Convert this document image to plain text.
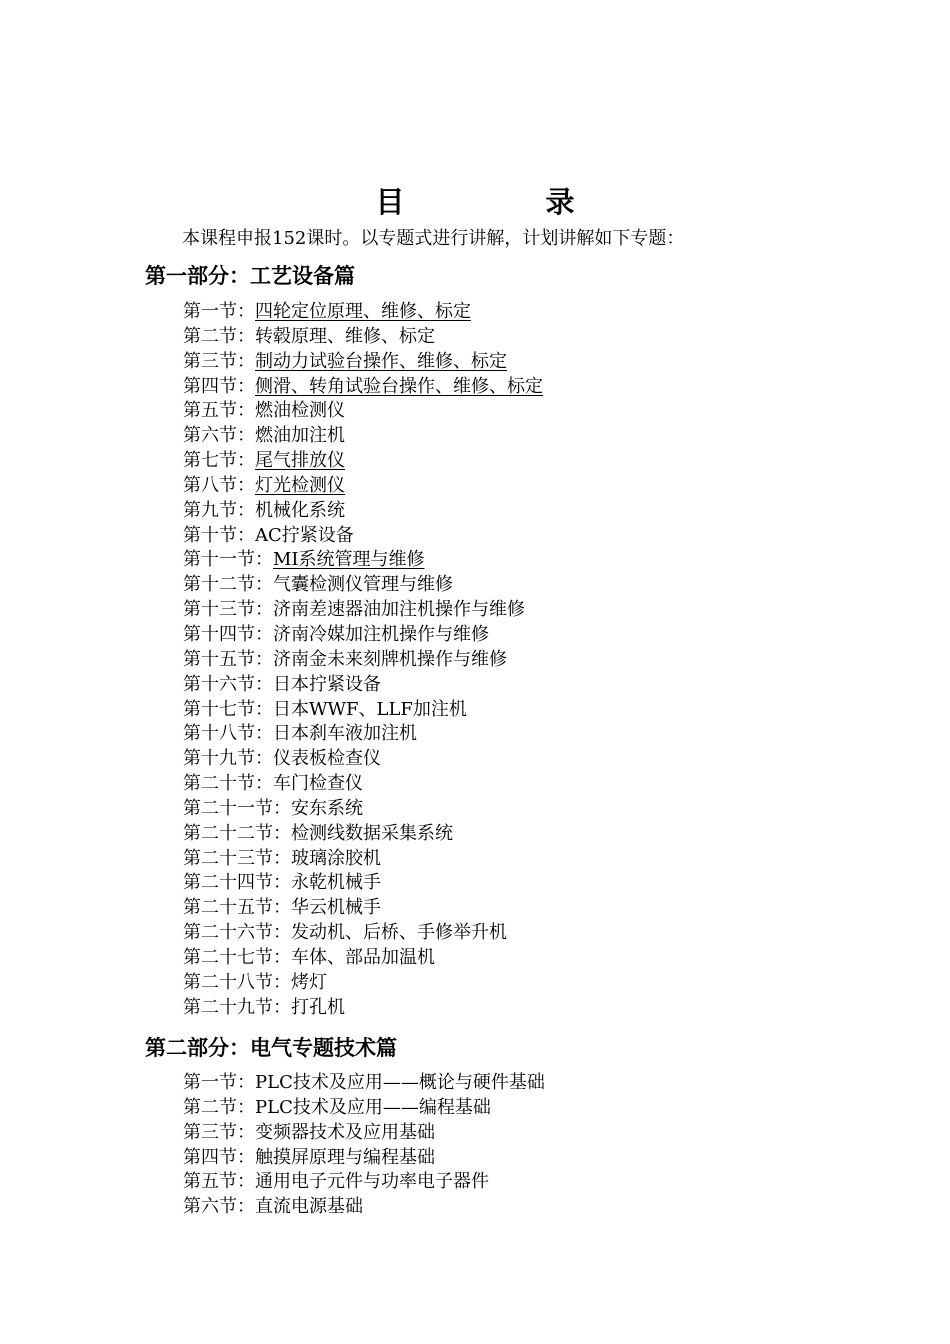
目　录
本课程申报152课时。以专题式进行讲解，计划讲解如下专题：
第一部分：工艺设备篇
第一节：四轮定位原理、维修、标定
第二节：转毂原理、维修、标定
第三节：制动力试验台操作、维修、标定
第四节：侧滑、转角试验台操作、维修、标定
第五节：燃油检测仪
第六节：燃油加注机
第七节：尾气排放仪
第八节：灯光检测仪
第九节：机械化系统
第十节：AC拧紧设备
第十一节：MI系统管理与维修
第十二节：气囊检测仪管理与维修
第十三节：济南差速器油加注机操作与维修
第十四节：济南冷媒加注机操作与维修
第十五节：济南金未来刻牌机操作与维修
第十六节：日本拧紧设备
第十七节：日本WWF、LLF加注机
第十八节：日本刹车液加注机
第十九节：仪表板检查仪
第二十节：车门检查仪
第二十一节：安东系统
第二十二节：检测线数据采集系统
第二十三节：玻璃涂胶机
第二十四节：永乾机械手
第二十五节：华云机械手
第二十六节：发动机、后桥、手修举升机
第二十七节：车体、部品加温机
第二十八节：烤灯
第二十九节：打孔机
第二部分：电气专题技术篇
第一节：PLC技术及应用——概论与硬件基础
第二节：PLC技术及应用——编程基础
第三节：变频器技术及应用基础
第四节：触摸屏原理与编程基础
第五节：通用电子元件与功率电子器件
第六节：直流电源基础
